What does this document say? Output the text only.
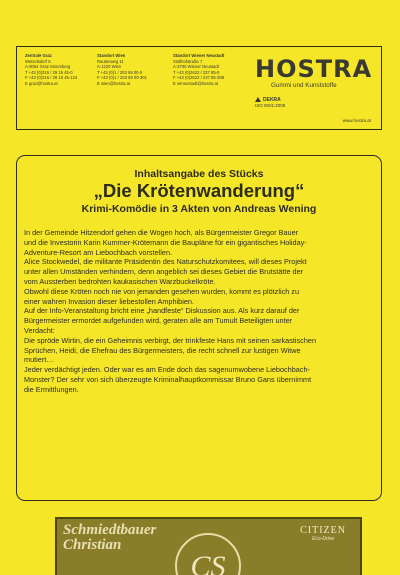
Zentrale Graz
Wetzelsdorf 5
A-8054 Graz-Seiersberg
T +43 (0)316 / 29 15 45-0
F +43 (0)316 / 29 15 45-124
E graz@hostra.at
Standort Wien
Rautenweg 11
A-1220 Wien
T +43 (0)1 / 203 59 00-0
F +43 (0)1 / 203 59 00-301
E wien@hostra.at
Standort Wiener Neustadt
Stollhofstraße 7
A-2700 Wiener Neustadt
T +43 (0)2622 / 237 85-0
F +43 (0)2622 / 237 85-308
E wrneustadt@hostra.at
HOSTRA
Gummi und Kunststoffe
DEKRA
ISO 9001:2008
www.hostra.at
Inhaltsangabe des Stücks
„Die Krötenwanderung“
Krimi-Komödie in 3 Akten von Andreas Wening
In der Gemeinde Hitzendorf gehen die Wogen hoch, als Bürgermeister Gregor Bauer
und die Investorin Karin Kummer-Krötemann die Baupläne für ein gigantisches Holiday-
Adventure-Resort am Liebochbach vorstellen.
Alice Stockwedel, die militante Präsidentin des Naturschutzkomitees, will dieses Projekt
unter allen Umständen verhindern, denn angeblich sei dieses Gebiet die Brutstätte der
vom Aussterben bedrohten kaukasischen Warzbuckelkröte.
Obwohl diese Kröten noch nie von jemanden gesehen wurden, kommt es plötzlich zu
einer wahren Invasion dieser liebestollen Amphibien.
Auf der Info-Veranstaltung bricht eine „handfeste“ Diskussion aus. Als kurz darauf der
Bürgermeister ermordet aufgefunden wird, geraten alle am Tumult Beteiligten unter
Verdacht:
Die spröde Wirtin, die ein Geheimnis verbirgt, der trinkfeste Hans mit seinen sarkastischen
Sprüchen, Heidi, die Ehefrau des Bürgermeisters, die recht schnell zur lustigen Witwe
mutiert…
Jeder verdächtigt jeden. Oder war es am Ende doch das sagenumwobene Liebochbach-
Monster? Der sehr von sich überzeugte Kriminalhauptkommissar Bruno Gans übernimmt
die Ermittlungen.
Schmiedtbauer
Christian
CS
CITIZEN
Eco-Drive
